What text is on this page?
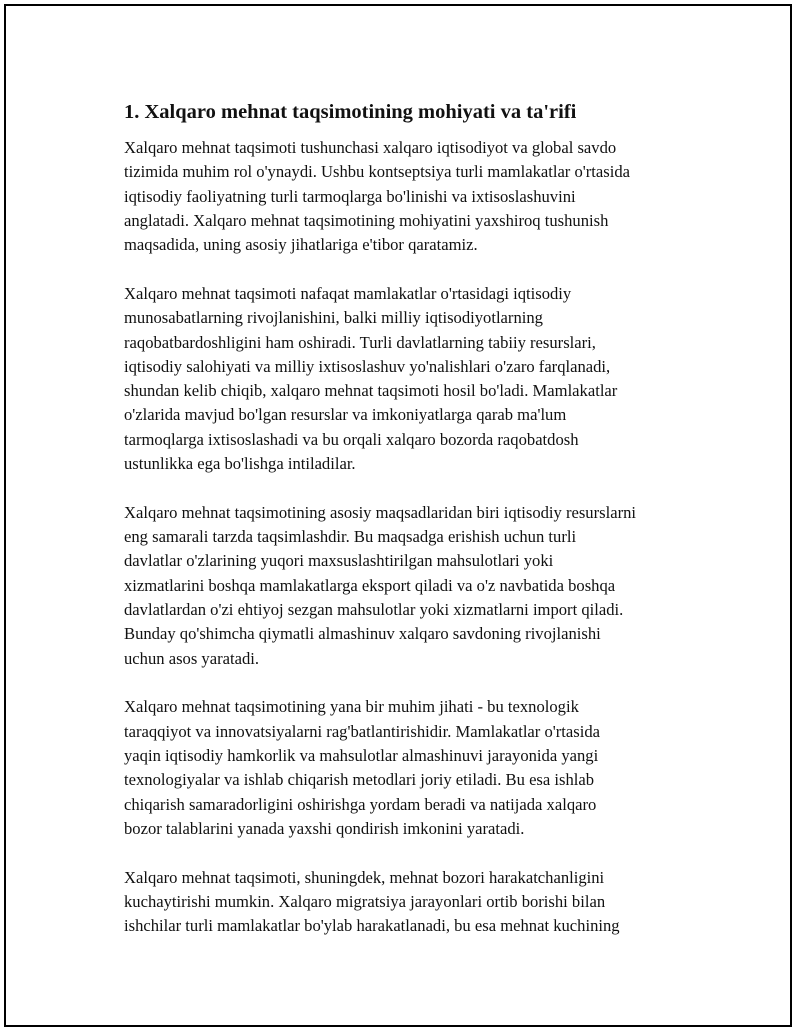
1. Xalqaro mehnat taqsimotining mohiyati va ta'rifi

Xalqaro mehnat taqsimoti tushunchasi xalqaro iqtisodiyot va global savdo
tizimida muhim rol o'ynaydi. Ushbu kontseptsiya turli mamlakatlar o'rtasida
iqtisodiy faoliyatning turli tarmoqlarga bo'linishi va ixtisoslashuvini
anglatadi. Xalqaro mehnat taqsimotining mohiyatini yaxshiroq tushunish
maqsadida, uning asosiy jihatlariga e'tibor qaratamiz.

Xalqaro mehnat taqsimoti nafaqat mamlakatlar o'rtasidagi iqtisodiy
munosabatlarning rivojlanishini, balki milliy iqtisodiyotlarning
raqobatbardoshligini ham oshiradi. Turli davlatlarning tabiiy resurslari,
iqtisodiy salohiyati va milliy ixtisoslashuv yo'nalishlari o'zaro farqlanadi,
shundan kelib chiqib, xalqaro mehnat taqsimoti hosil bo'ladi. Mamlakatlar
o'zlarida mavjud bo'lgan resurslar va imkoniyatlarga qarab ma'lum
tarmoqlarga ixtisoslashadi va bu orqali xalqaro bozorda raqobatdosh
ustunlikka ega bo'lishga intiladilar.

Xalqaro mehnat taqsimotining asosiy maqsadlaridan biri iqtisodiy resurslarni
eng samarali tarzda taqsimlashdir. Bu maqsadga erishish uchun turli
davlatlar o'zlarining yuqori maxsuslashtirilgan mahsulotlari yoki
xizmatlarini boshqa mamlakatlarga eksport qiladi va o'z navbatida boshqa
davlatlardan o'zi ehtiyoj sezgan mahsulotlar yoki xizmatlarni import qiladi.
Bunday qo'shimcha qiymatli almashinuv xalqaro savdoning rivojlanishi
uchun asos yaratadi.

Xalqaro mehnat taqsimotining yana bir muhim jihati - bu texnologik
taraqqiyot va innovatsiyalarni rag'batlantirishidir. Mamlakatlar o'rtasida
yaqin iqtisodiy hamkorlik va mahsulotlar almashinuvi jarayonida yangi
texnologiyalar va ishlab chiqarish metodlari joriy etiladi. Bu esa ishlab
chiqarish samaradorligini oshirishga yordam beradi va natijada xalqaro
bozor talablarini yanada yaxshi qondirish imkonini yaratadi.

Xalqaro mehnat taqsimoti, shuningdek, mehnat bozori harakatchanligini
kuchaytirishi mumkin. Xalqaro migratsiya jarayonlari ortib borishi bilan
ishchilar turli mamlakatlar bo'ylab harakatlanadi, bu esa mehnat kuchining
